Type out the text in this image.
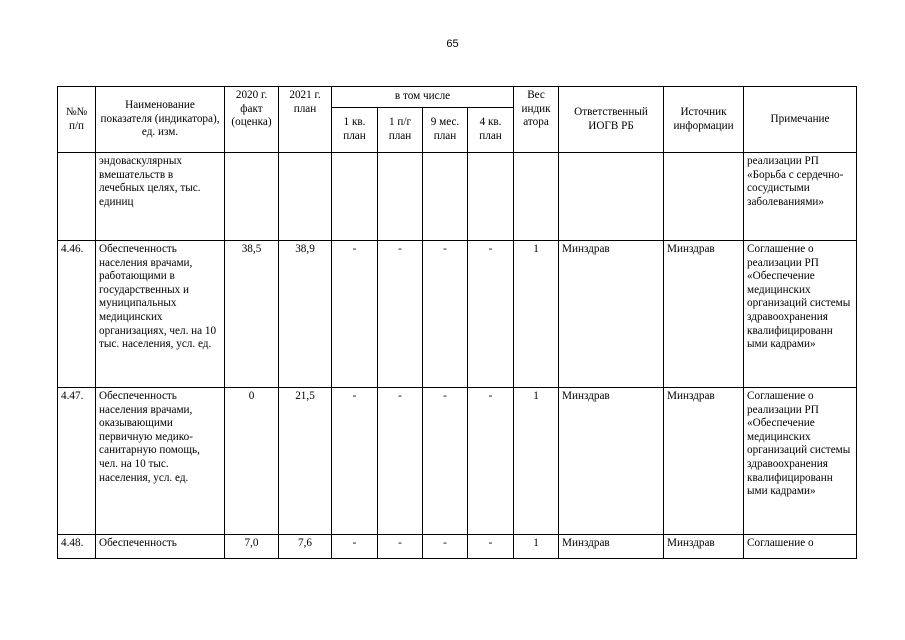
65
№№ п/п	Наименование показателя (индикатора), ед. изм.	2020 г. факт (оценка)	2021 г. план	в том числе				Вес индик атора	Ответственный ИОГВ РБ	Источник информации	Примечание
				1 кв. план	1 п/г план	9 мес. план	4 кв. план				
	эндоваскулярных вмешательств в лечебных целях, тыс. единиц										реализации РП «Борьба с сердечно-сосудистыми заболеваниями»
4.46.	Обеспеченность населения врачами, работающими в государственных и муниципальных медицинских организациях, чел. на 10 тыс. населения, усл. ед.	38,5	38,9	-	-	-	-	1	Минздрав	Минздрав	Соглашение о реализации РП «Обеспечение медицинских организаций системы здравоохранения квалифицированн ыми кадрами»
4.47.	Обеспеченность населения врачами, оказывающими первичную медико-санитарную помощь, чел. на 10 тыс. населения, усл. ед.	0	21,5	-	-	-	-	1	Минздрав	Минздрав	Соглашение о реализации РП «Обеспечение медицинских организаций системы здравоохранения квалифицированн ыми кадрами»
4.48.	Обеспеченность	7,0	7,6	-	-	-	-	1	Минздрав	Минздрав	Соглашение о
